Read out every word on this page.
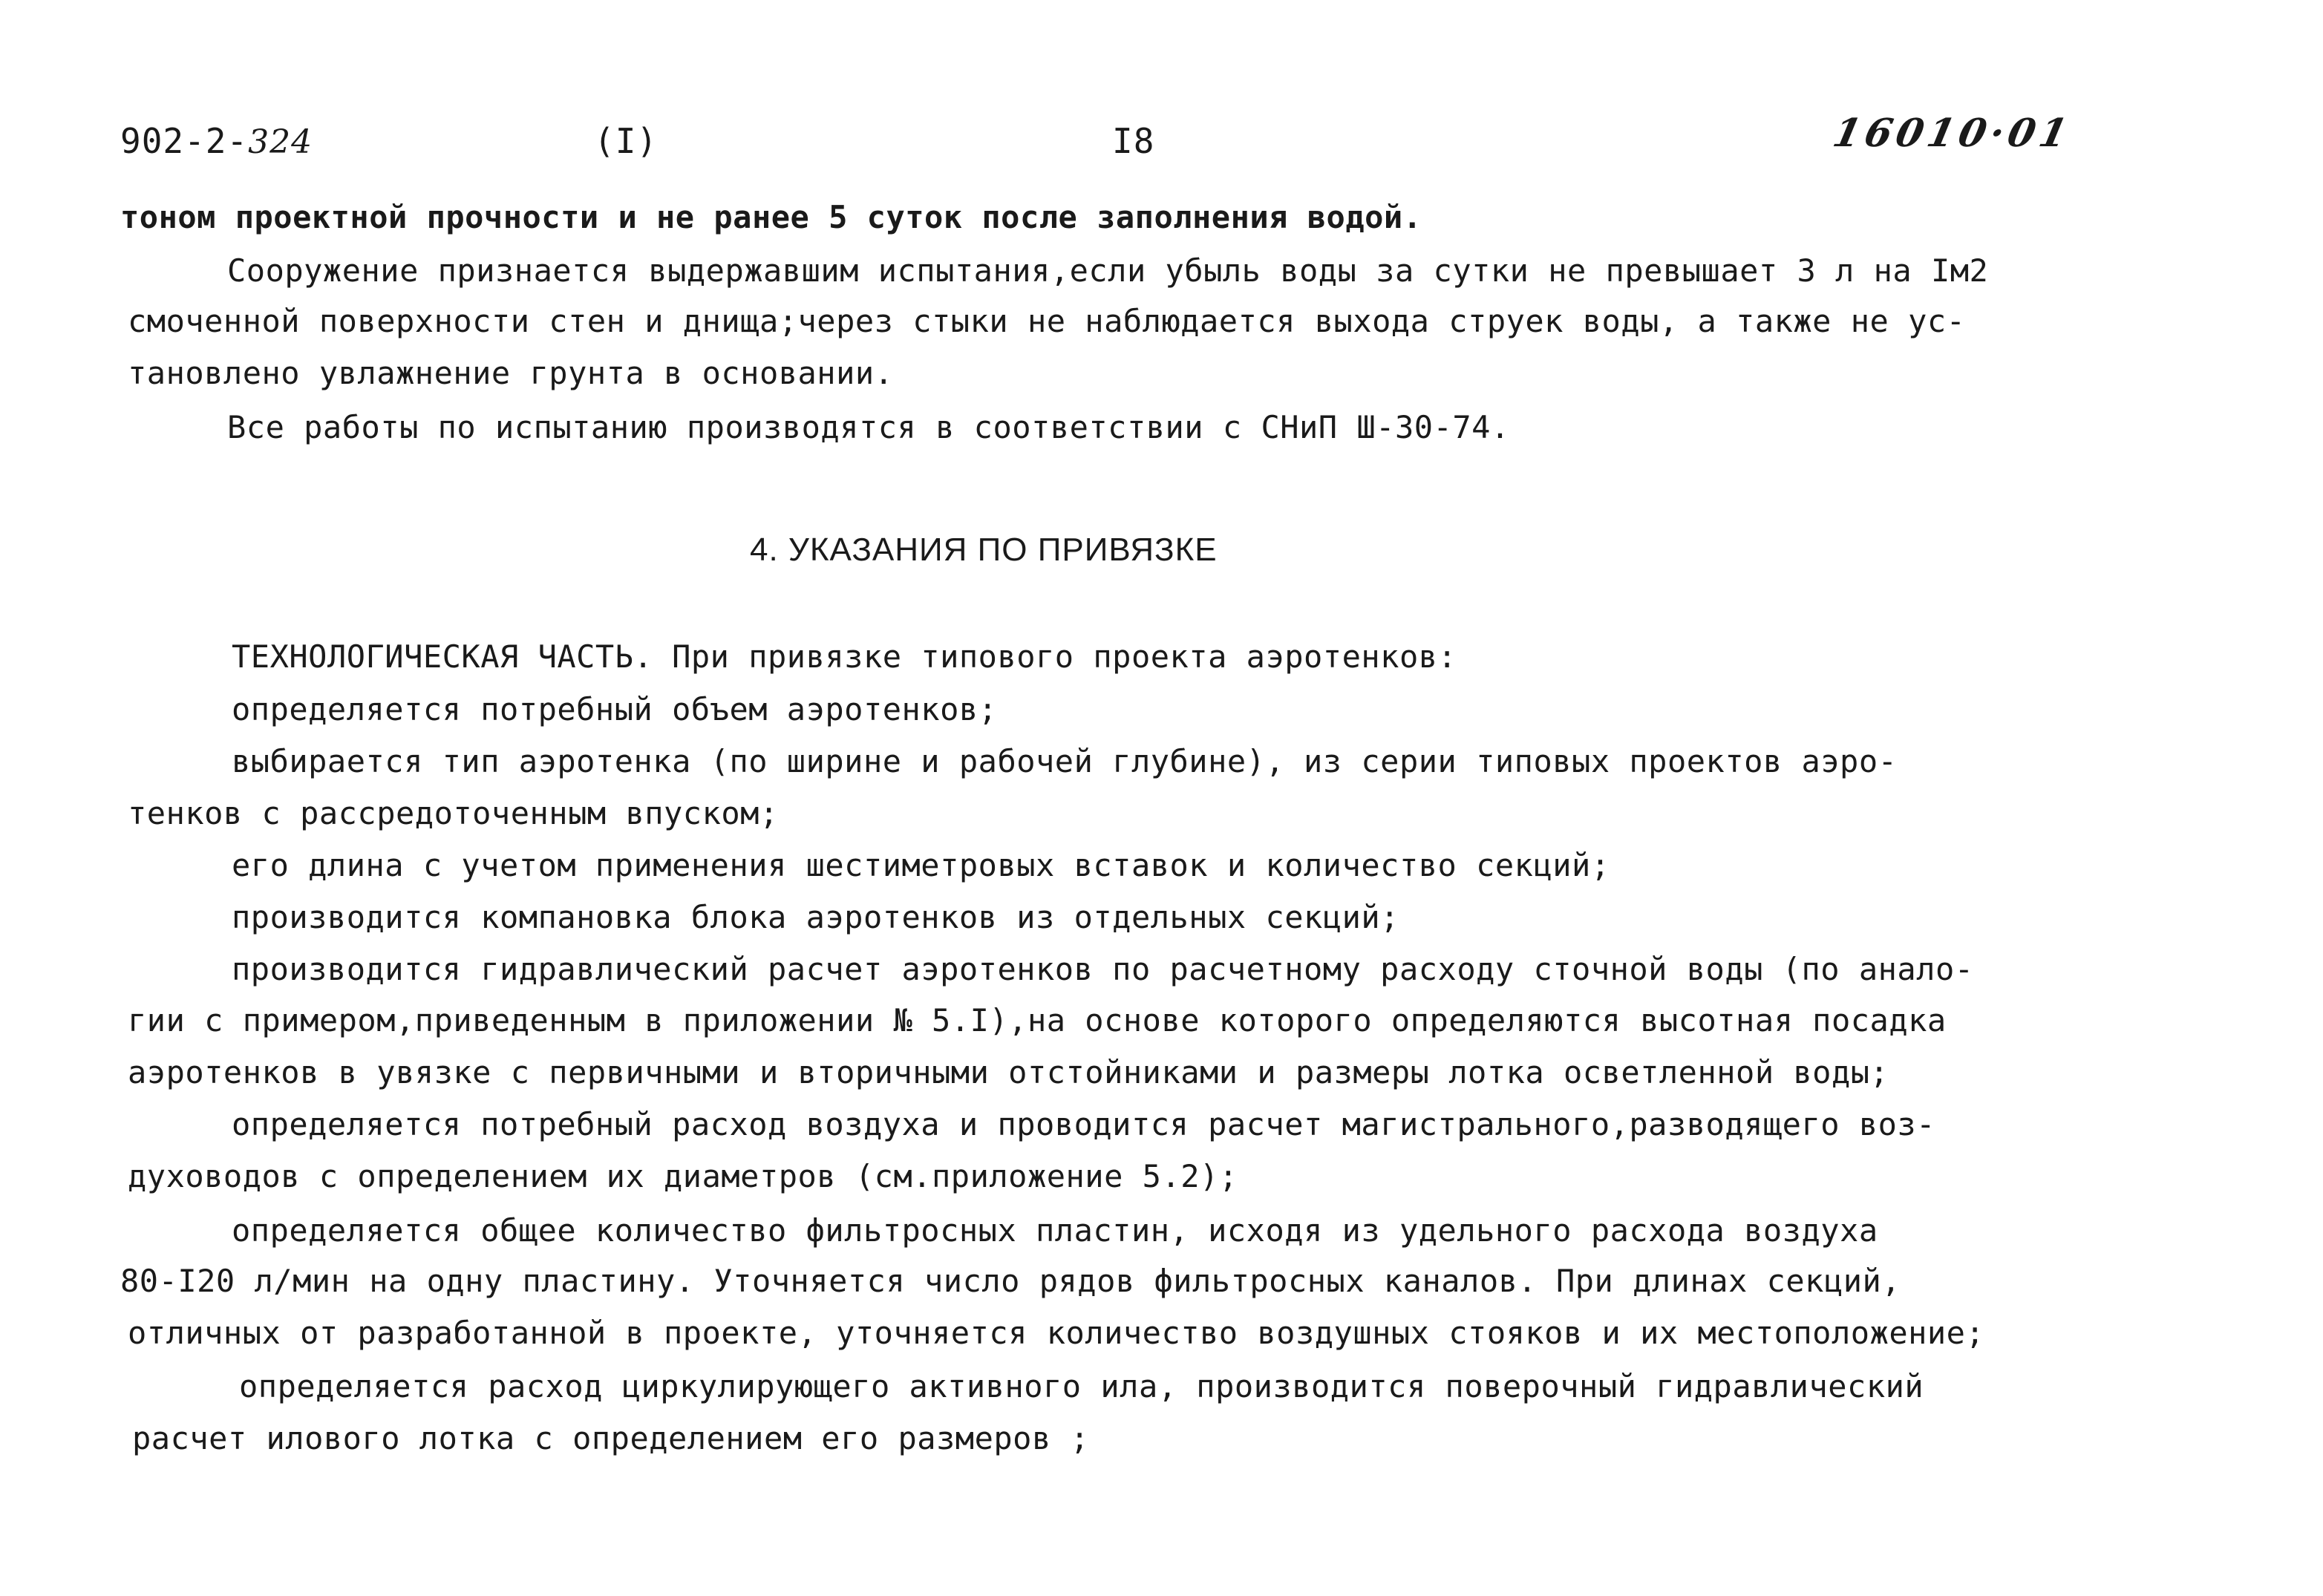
902-2-324	(I)	I8	16010·01
тоном проектной прочности и не ранее 5 суток после заполнения водой.
Сооружение признается выдержавшим испытания,если убыль воды за сутки не превышает 3 л на Iм2
смоченной поверхности стен и днища;через стыки не наблюдается выхода струек воды, а также не ус-
тановлено увлажнение грунта в основании.
Все работы по испытанию производятся в соответствии с СНиП Ш-30-74.
4. УКАЗАНИЯ ПО ПРИВЯЗКЕ
ТЕХНОЛОГИЧЕСКАЯ ЧАСТЬ. При привязке типового проекта аэротенков:
определяется потребный объем аэротенков;
выбирается тип аэротенка (по ширине и рабочей глубине), из серии типовых проектов аэро-
тенков с рассредоточенным впуском;
его длина с учетом применения шестиметровых вставок и количество секций;
производится компановка блока аэротенков из отдельных секций;
производится гидравлический расчет аэротенков по расчетному расходу сточной воды (по анало-
гии с примером,приведенным в приложении № 5.I),на основе которого определяются высотная посадка
аэротенков в увязке с первичными и вторичными отстойниками и размеры лотка осветленной воды;
определяется потребный расход воздуха и проводится расчет магистрального,разводящего воз-
духоводов с определением их диаметров (см.приложение 5.2);
определяется общее количество фильтросных пластин, исходя из удельного расхода воздуха
80-I20 л/мин на одну пластину. Уточняется число рядов фильтросных каналов. При длинах секций,
отличных от разработанной в проекте, уточняется количество воздушных стояков и их местоположение;
определяется расход циркулирующего активного ила, производится поверочный гидравлический
расчет илового лотка с определением его размеров ;
